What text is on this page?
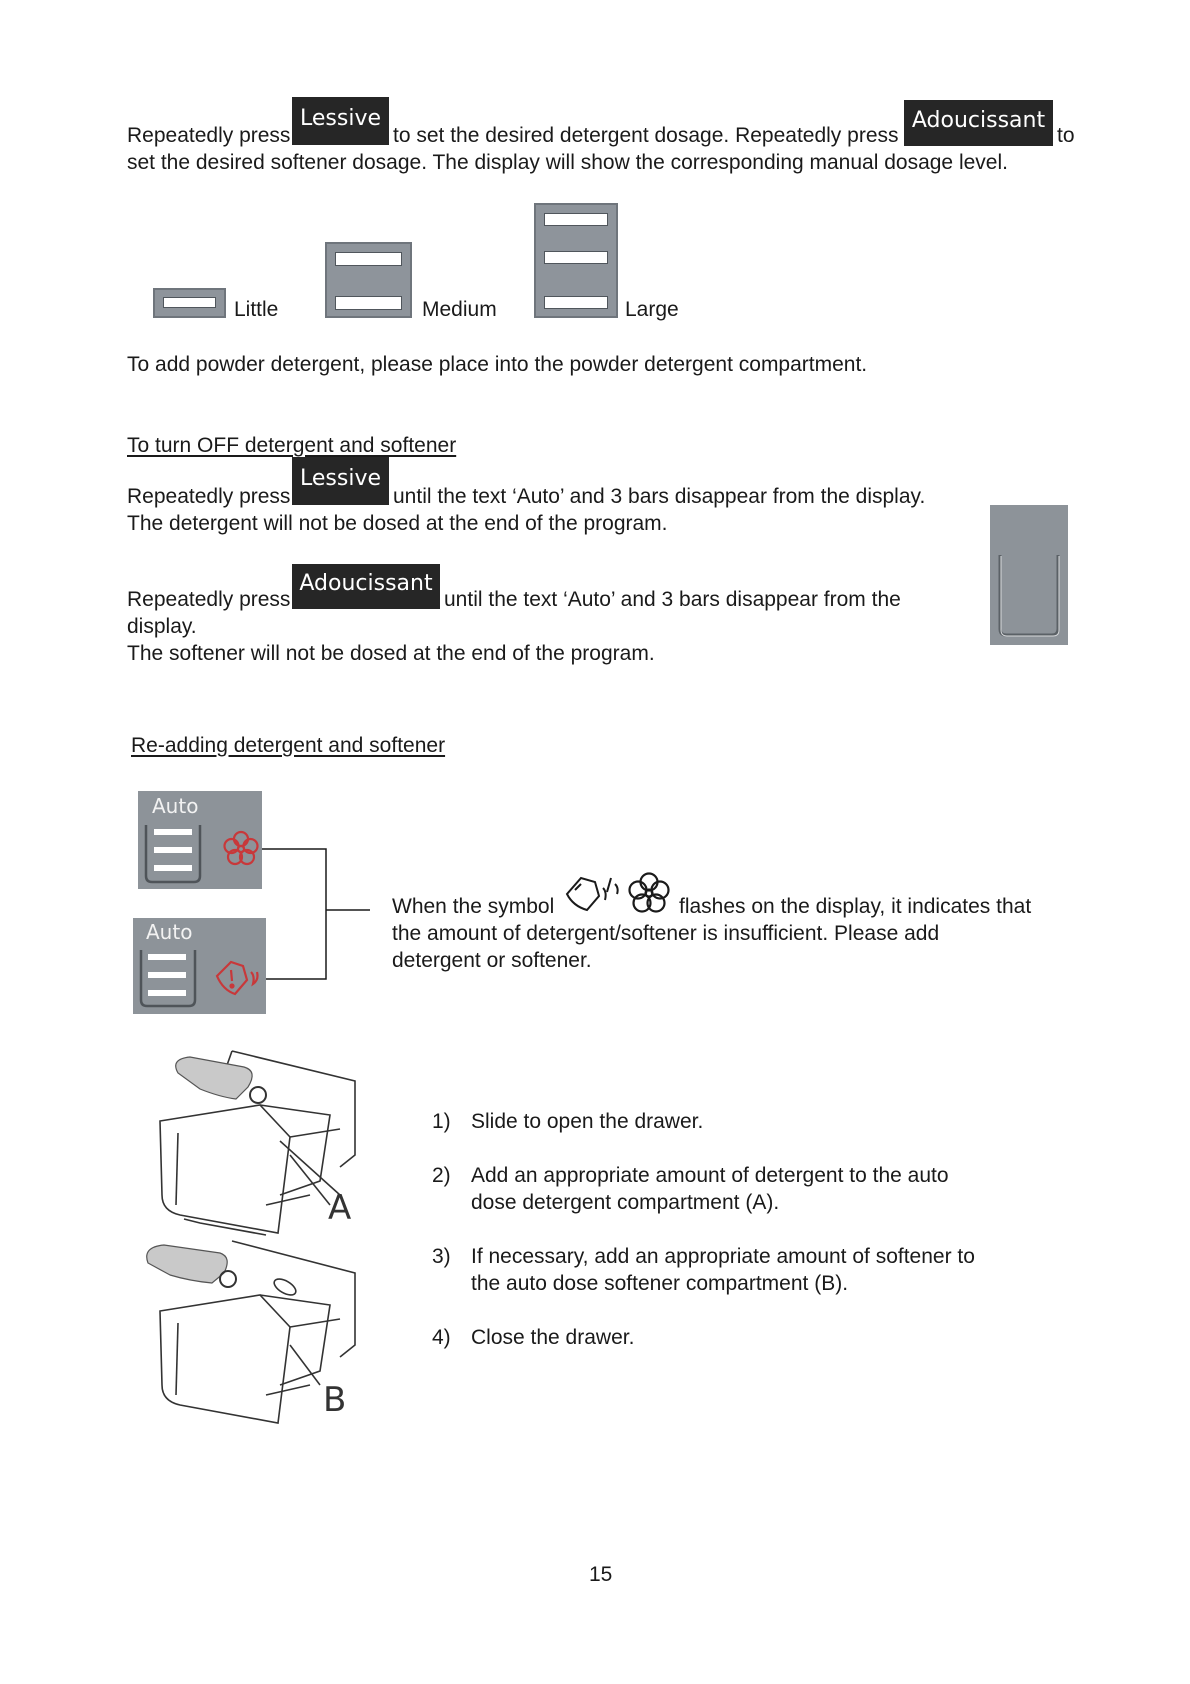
Repeatedly press
Lessive
to set the desired detergent dosage. Repeatedly press
Adoucissant
to
set the desired softener dosage. The display will show the corresponding manual dosage level.
Little	Medium	Large
To add powder detergent, please place into the powder detergent compartment.
To turn OFF detergent and softener
Repeatedly press
Lessive
until the text ‘Auto’ and 3 bars disappear from the display.
The detergent will not be dosed at the end of the program.
Repeatedly press
Adoucissant
until the text ‘Auto’ and 3 bars disappear from the
display.
The softener will not be dosed at the end of the program.
Re-adding detergent and softener
Auto
Auto
When the symbol	flashes on the display, it indicates that
the amount of detergent/softener is insufficient. Please add
detergent or softener.
A
B
1) Slide to open the drawer.
2) Add an appropriate amount of detergent to the auto
dose detergent compartment (A).
3) If necessary, add an appropriate amount of softener to
the auto dose softener compartment (B).
4) Close the drawer.
15
